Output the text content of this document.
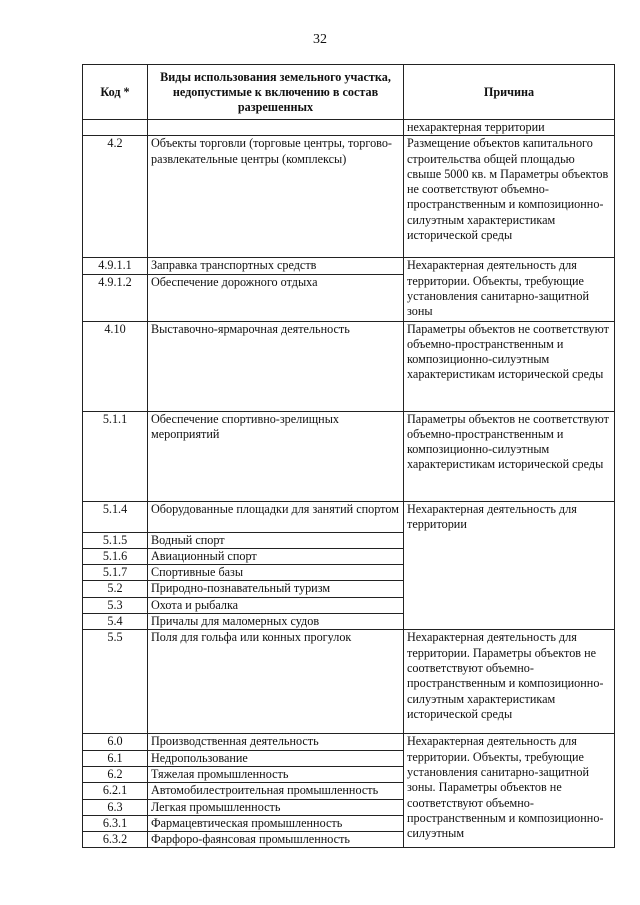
32
Код *	Виды использования земельного участка, недопустимые к включению в состав разрешенных	Причина
		нехарактерная территории
4.2	Объекты торговли (торговые центры, торгово-развлекательные центры (комплексы)	Размещение объектов капитального строительства общей площадью свыше 5000 кв. м Параметры объектов не соответствуют объемно-пространственным и композиционно-силуэтным характеристикам исторической среды
4.9.1.1	Заправка транспортных средств	Нехарактерная деятельность для территории. Объекты, требующие установления санитарно-защитной зоны
4.9.1.2	Обеспечение дорожного отдыха	
4.10	Выставочно-ярмарочная деятельность	Параметры объектов не соответствуют объемно-пространственным и композиционно-силуэтным характеристикам исторической среды
5.1.1	Обеспечение спортивно-зрелищных мероприятий	Параметры объектов не соответствуют объемно-пространственным и композиционно-силуэтным характеристикам исторической среды
5.1.4	Оборудованные площадки для занятий спортом	Нехарактерная деятельность для территории
5.1.5	Водный спорт	
5.1.6	Авиационный спорт	
5.1.7	Спортивные базы	
5.2	Природно-познавательный туризм	
5.3	Охота и рыбалка	
5.4	Причалы для маломерных судов	
5.5	Поля для гольфа или конных прогулок	Нехарактерная деятельность для территории. Параметры объектов не соответствуют объемно-пространственным и композиционно-силуэтным характеристикам исторической среды
6.0	Производственная деятельность	Нехарактерная деятельность для территории. Объекты, требующие установления санитарно-защитной зоны. Параметры объектов не соответствуют объемно-пространственным и композиционно-силуэтным
6.1	Недропользование	
6.2	Тяжелая промышленность	
6.2.1	Автомобилестроительная промышленность	
6.3	Легкая промышленность	
6.3.1	Фармацевтическая промышленность	
6.3.2	Фарфоро-фаянсовая промышленность	
